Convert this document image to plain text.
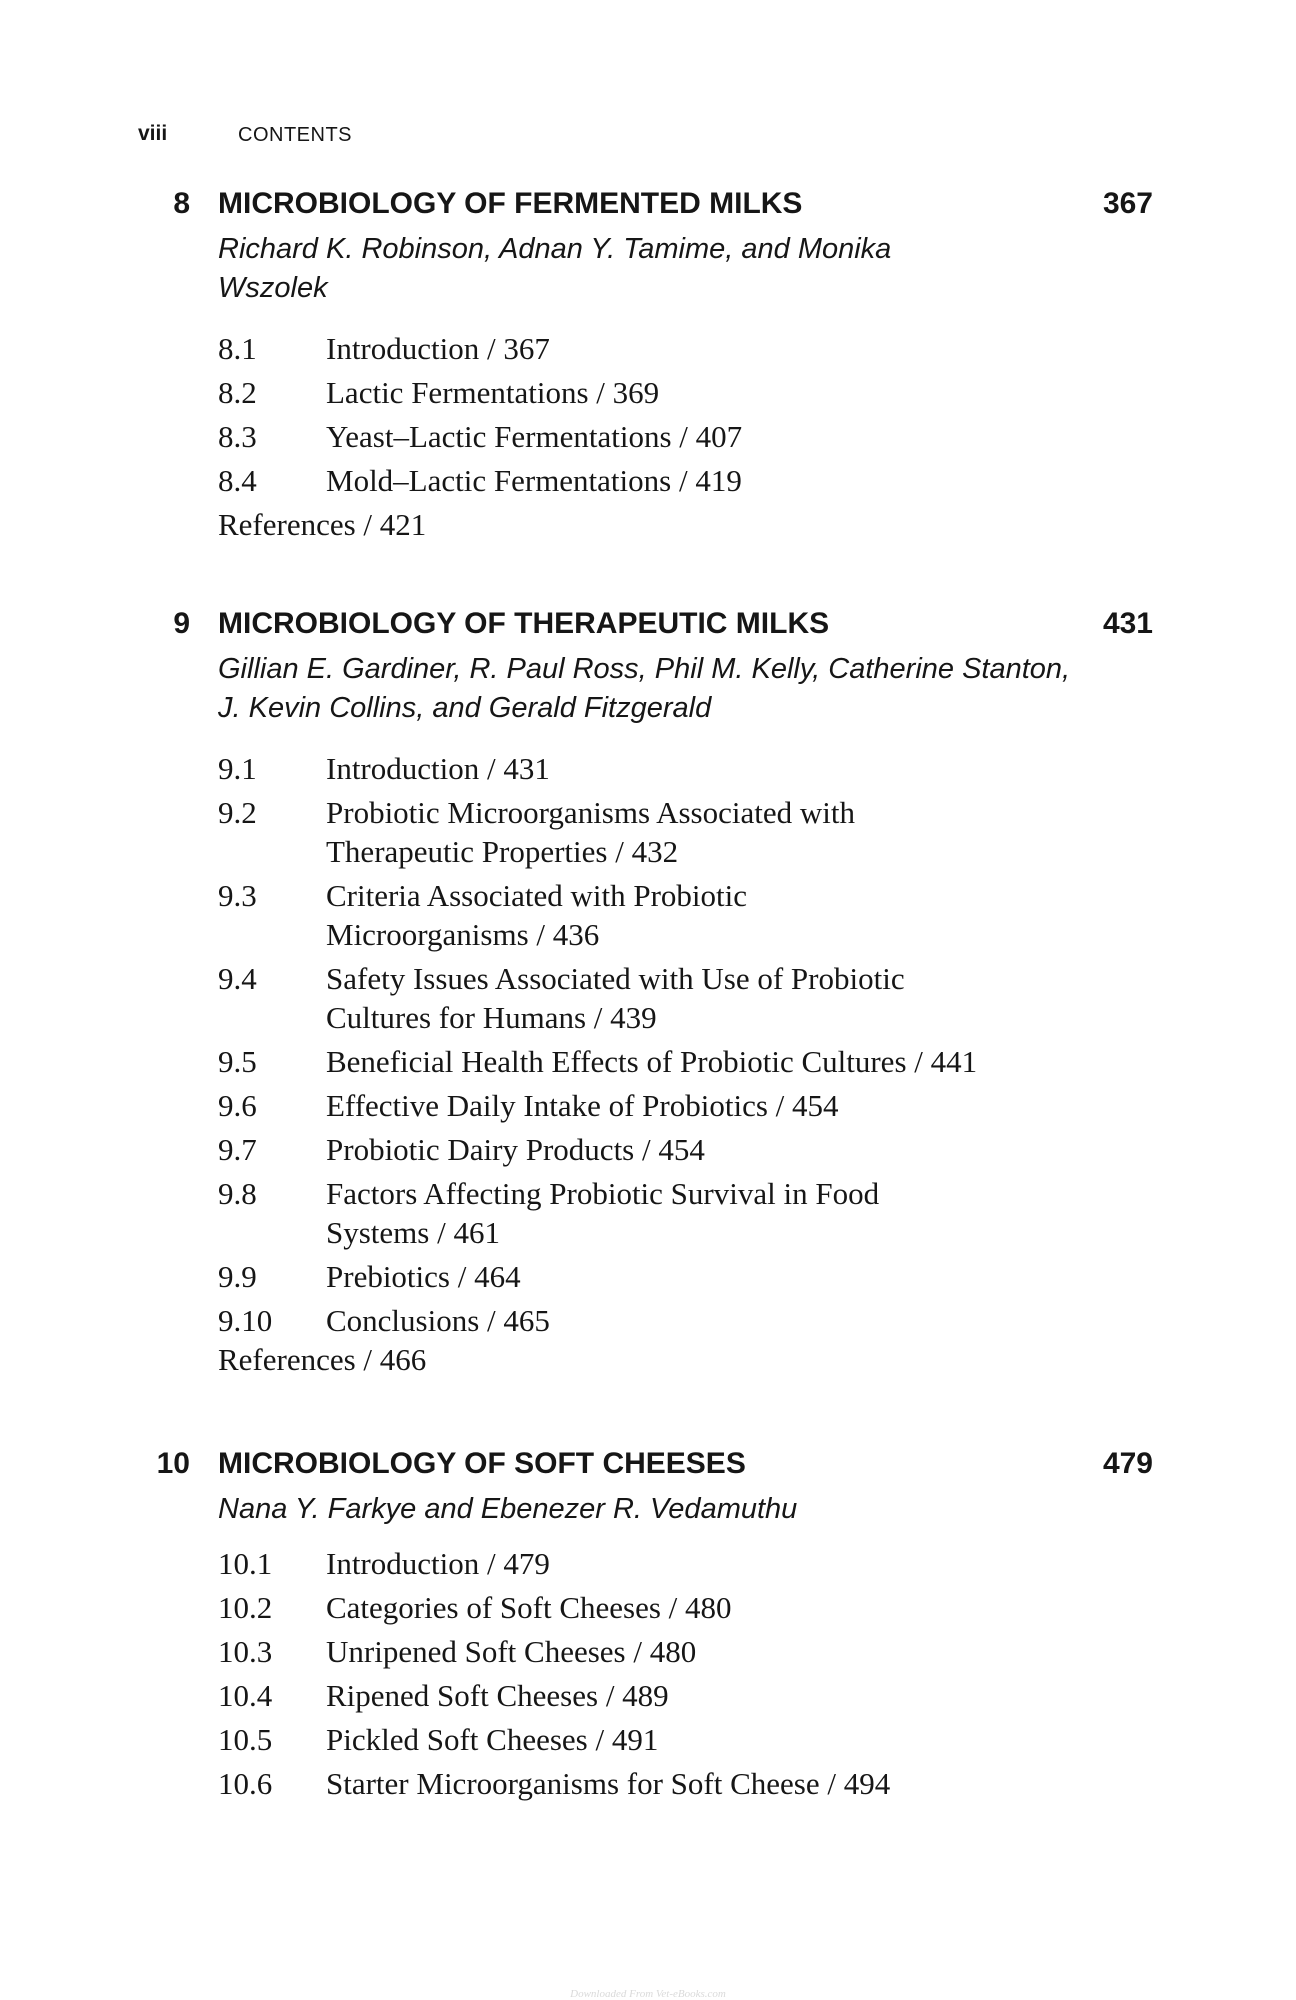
viii	CONTENTS
8 MICROBIOLOGY OF FERMENTED MILKS	367
Richard K. Robinson, Adnan Y. Tamime, and Monika Wszolek
8.1	Introduction / 367
8.2	Lactic Fermentations / 369
8.3	Yeast–Lactic Fermentations / 407
8.4	Mold–Lactic Fermentations / 419
References / 421
9 MICROBIOLOGY OF THERAPEUTIC MILKS	431
Gillian E. Gardiner, R. Paul Ross, Phil M. Kelly, Catherine Stanton, J. Kevin Collins, and Gerald Fitzgerald
9.1	Introduction / 431
9.2	Probiotic Microorganisms Associated with Therapeutic Properties / 432
9.3	Criteria Associated with Probiotic Microorganisms / 436
9.4	Safety Issues Associated with Use of Probiotic Cultures for Humans / 439
9.5	Beneficial Health Effects of Probiotic Cultures / 441
9.6	Effective Daily Intake of Probiotics / 454
9.7	Probiotic Dairy Products / 454
9.8	Factors Affecting Probiotic Survival in Food Systems / 461
9.9	Prebiotics / 464
9.10	Conclusions / 465
References / 466
10 MICROBIOLOGY OF SOFT CHEESES	479
Nana Y. Farkye and Ebenezer R. Vedamuthu
10.1	Introduction / 479
10.2	Categories of Soft Cheeses / 480
10.3	Unripened Soft Cheeses / 480
10.4	Ripened Soft Cheeses / 489
10.5	Pickled Soft Cheeses / 491
10.6	Starter Microorganisms for Soft Cheese / 494
Downloaded From Vet-eBooks.com
